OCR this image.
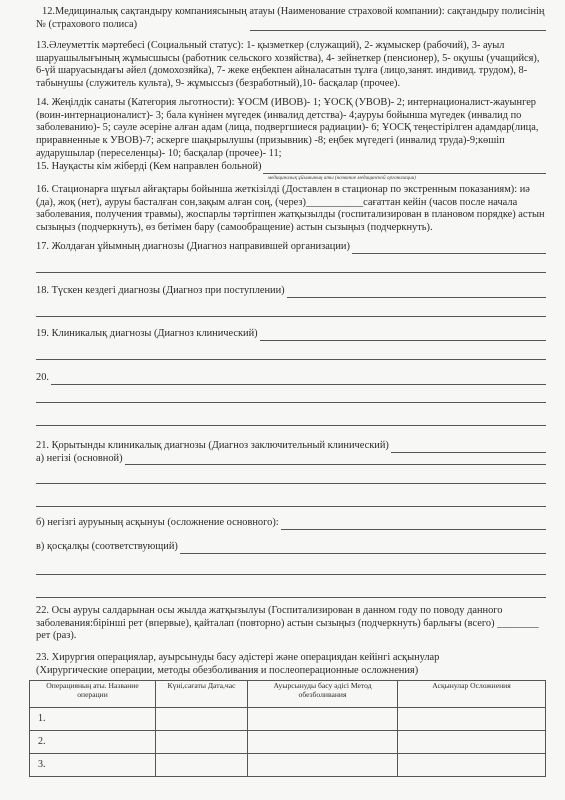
12.Медициналық сақтандыру компаниясының атауы (Наименование страховой компании): сақтандыру полисінің № (страхового полиса)
13.Әлеуметтік мәртебесі (Социальный статус): 1- қызметкер (служащий), 2- жұмыскер (рабочий), 3- ауыл шаруашылығының жұмысшысы (работник сельского хозяйства), 4- зейнеткер (пенсионер), 5- оқушы (учащийся), 6-үй шаруасындағы әйел (домохозяйка), 7- жеке еңбекпен айналасатын тұлға (лицо,занят. индивид. трудом), 8- табынушы (служитель культа), 9- жұмыссыз (безработный),10- басқалар (прочее).
14. Жеңілдік санаты (Категория льготности): ҰОСМ (ИВОВ)- 1; ҰОСҚ (УВОВ)- 2; интернационалист-жауынгер (воин-интернационалист)- 3; бала күнінен мүгедек (инвалид детства)- 4;ауруы бойынша мүгедек (инвалид по заболеванию)- 5; сәуле әсеріне алған адам (лица, подвергшиеся радиации)- 6; ҰОСҚ теңестірілген адамдар(лица, приравненные к УВОВ)-7; әскерге шақырылушы (призывник) -8; еңбек мүгедегі (инвалид труда)-9;көшіп аударушылар (переселенцы)- 10; басқалар (прочее)- 11;
15. Науқасты кім жіберді (Кем направлен больной)
медициналық ұйымының аты (название медицинской организации)
16. Стационарға шұғыл айғақтары бойынша жеткізілді (Доставлен в стационар по экстренным показаниям): иә (да), жоқ (нет), ауруы басталған сон,зақым алған соң, (через)___________сағаттан кейін (часов после начала заболевания, получения травмы), жоспарлы тәртіппен жатқызылды (госпитализирован в плановом порядке) астын сызыңыз (подчеркнуть), өз бетімен бару (самообращение) астын сызыңыз (подчеркнуть).
17. Жолдаған ұйымның диагнозы (Диагноз направившей организации)
18. Түскен кездегі диагнозы (Диагноз при поступлении)
19. Клиникалық диагнозы (Диагноз клинический)
20.
21. Қорытынды клиникалық диагнозы (Диагноз заключительный клинический)
а) негізі (основной)
б) негізгі ауруының асқынуы (осложнение основного):
в) қосқалқы (соответствующий)
22. Осы ауруы салдарынан осы жылда жатқызылуы (Госпитализирован в данном году по поводу данного заболевания:біріншi рет (впервые), қайталап (повторно) астын сызыңыз (подчеркнуть) барлығы (всего) ________ рет (раз).
23. Хирургия операциялар, ауырсынуды басу әдістері және операциядан кейінгі асқынулар
(Хирургические операции, методы обезболивания и послеоперационные осложнения)
Операцияның аты. Название операции	Күні,сағаты Дата,час	Ауырсынуды басу әдісі Метод обезболивания	Асқынулар Осложнения
1.			
2.			
3.			
